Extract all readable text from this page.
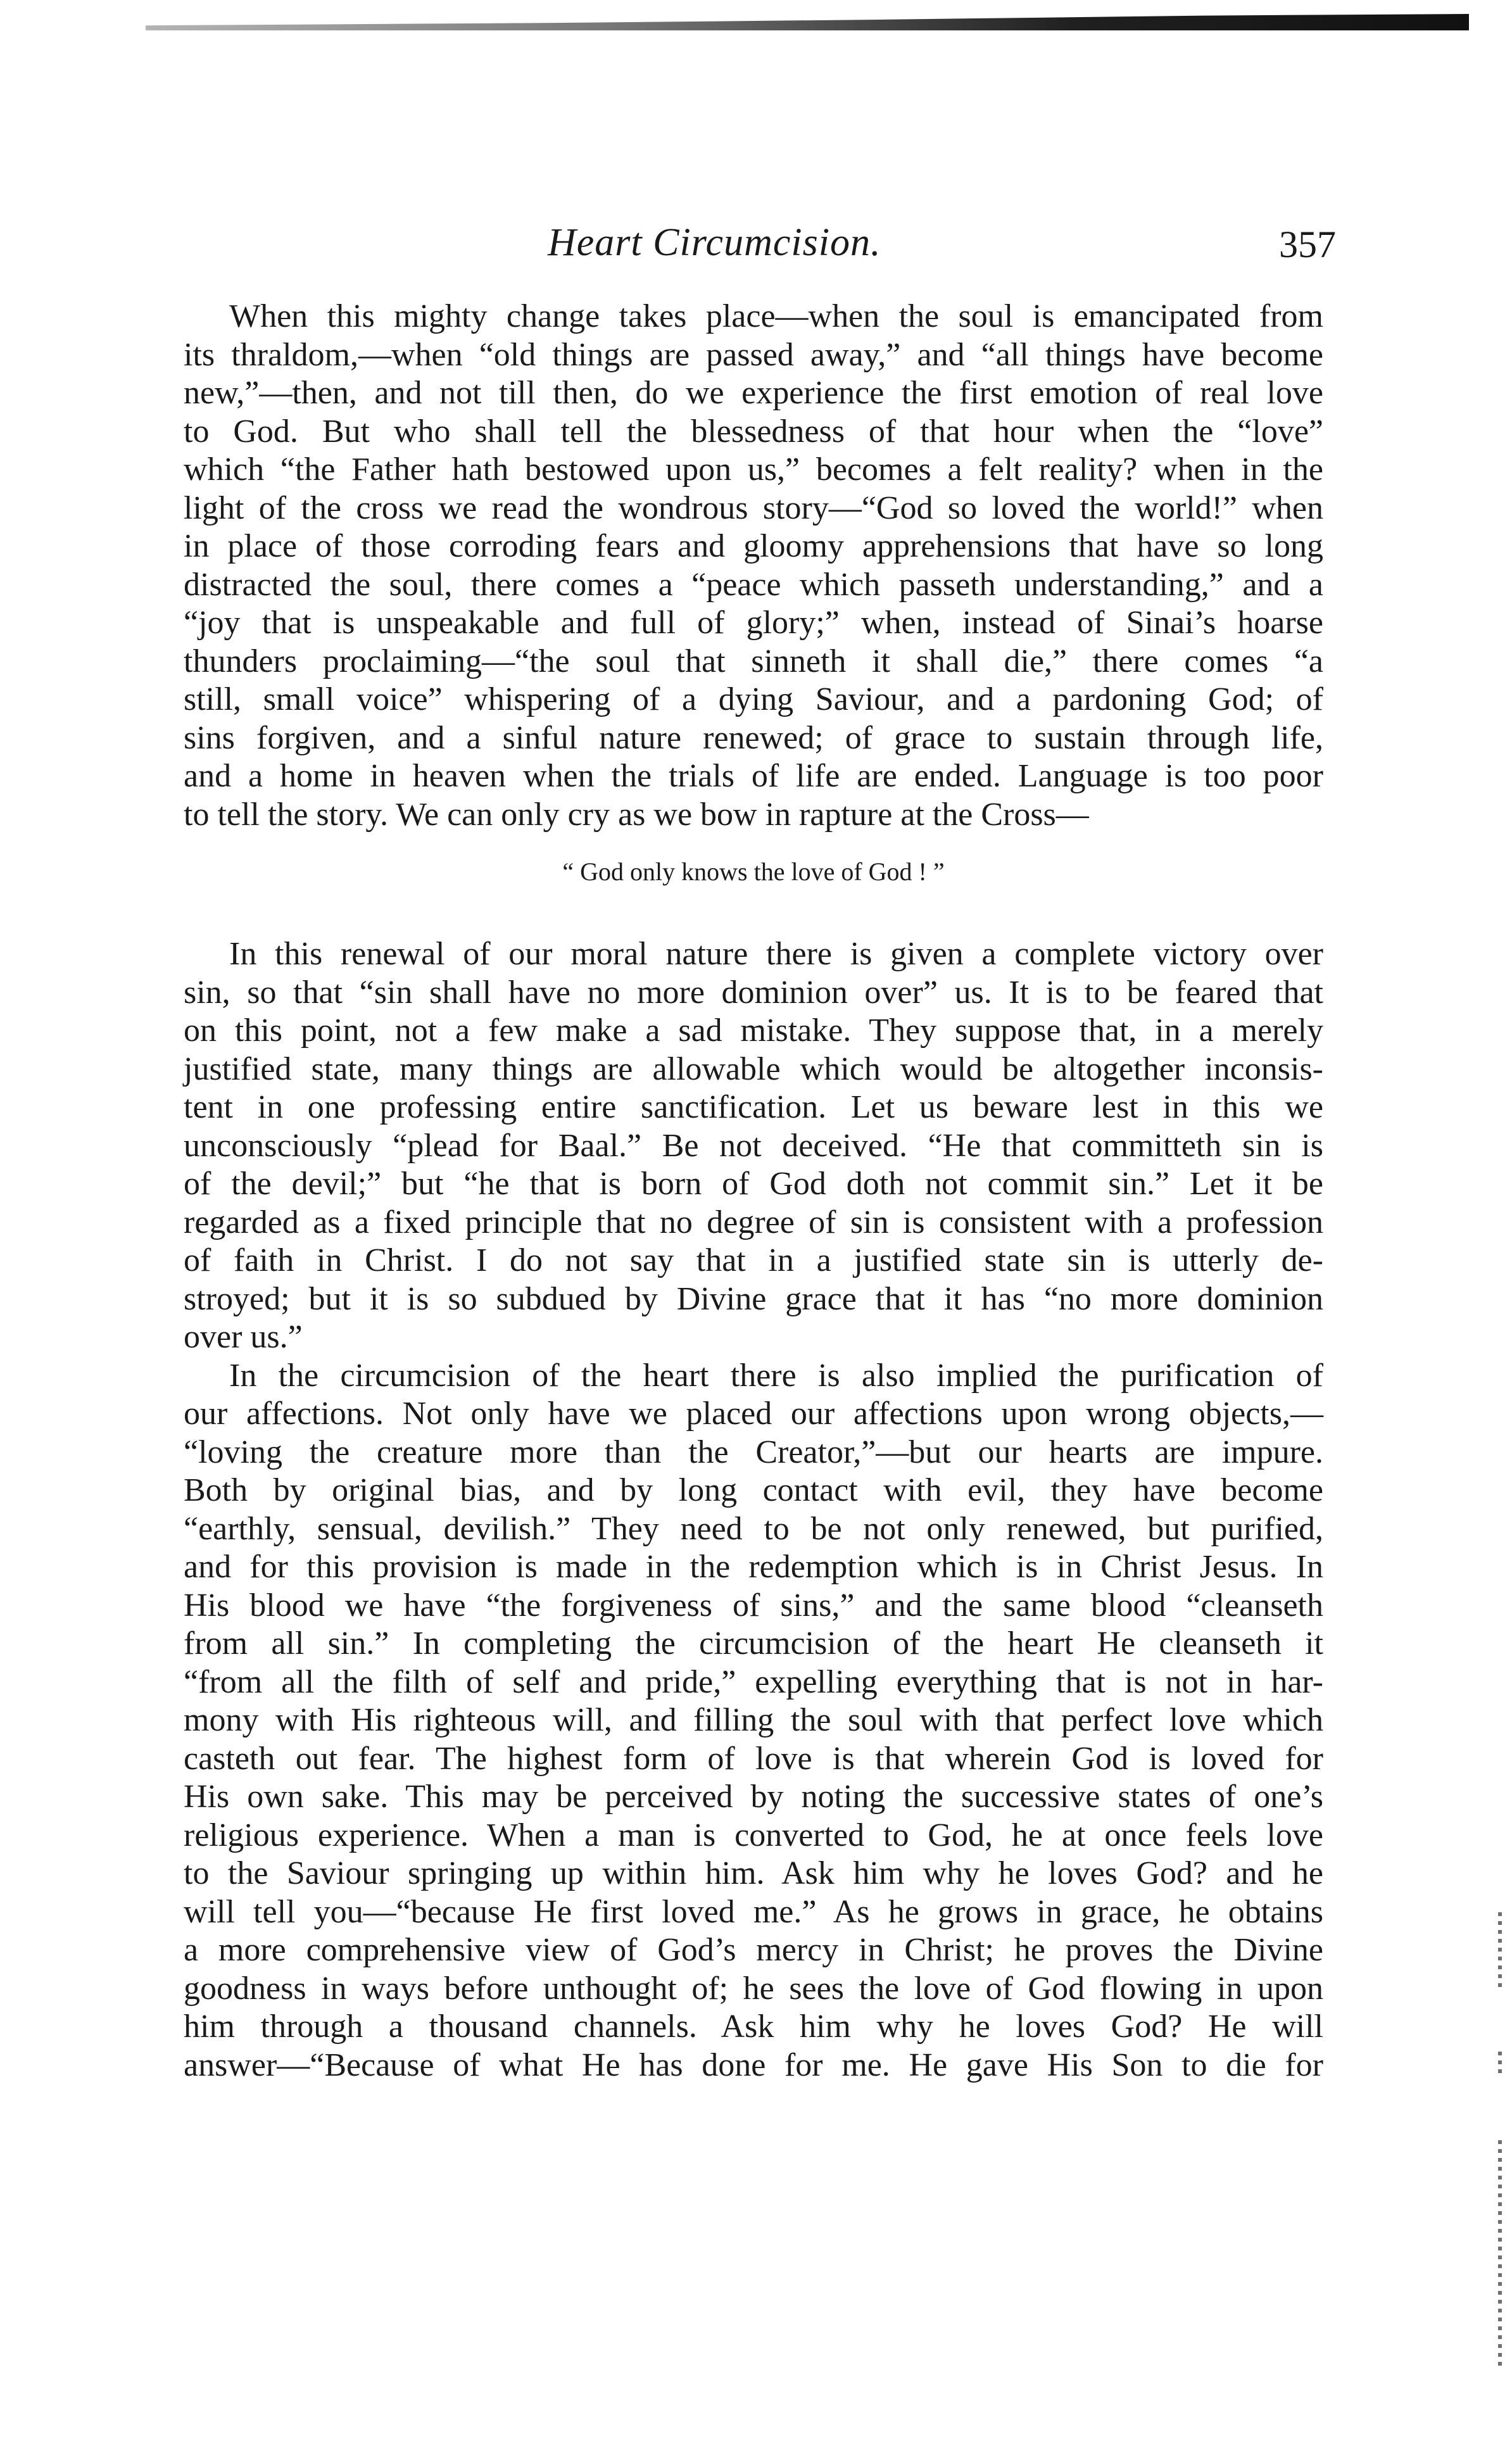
Heart Circumcision.	357
When this mighty change takes place—when the soul is emancipated from
its thraldom,—when “old things are passed away,” and “all things have become
new,”—then, and not till then, do we experience the first emotion of real love
to God. But who shall tell the blessedness of that hour when the “love”
which “the Father hath bestowed upon us,” becomes a felt reality? when in the
light of the cross we read the wondrous story—“God so loved the world!” when
in place of those corroding fears and gloomy apprehensions that have so long
distracted the soul, there comes a “peace which passeth understanding,” and a
“joy that is unspeakable and full of glory;” when, instead of Sinai’s hoarse
thunders proclaiming—“the soul that sinneth it shall die,” there comes “a
still, small voice” whispering of a dying Saviour, and a pardoning God; of
sins forgiven, and a sinful nature renewed; of grace to sustain through life,
and a home in heaven when the trials of life are ended. Language is too poor
to tell the story. We can only cry as we bow in rapture at the Cross—
“ God only knows the love of God ! ”
In this renewal of our moral nature there is given a complete victory over
sin, so that “sin shall have no more dominion over” us. It is to be feared that
on this point, not a few make a sad mistake. They suppose that, in a merely
justified state, many things are allowable which would be altogether inconsis-
tent in one professing entire sanctification. Let us beware lest in this we
unconsciously “plead for Baal.” Be not deceived. “He that committeth sin is
of the devil;” but “he that is born of God doth not commit sin.” Let it be
regarded as a fixed principle that no degree of sin is consistent with a profession
of faith in Christ. I do not say that in a justified state sin is utterly de-
stroyed; but it is so subdued by Divine grace that it has “no more dominion
over us.”
In the circumcision of the heart there is also implied the purification of
our affections. Not only have we placed our affections upon wrong objects,—
“loving the creature more than the Creator,”—but our hearts are impure.
Both by original bias, and by long contact with evil, they have become
“earthly, sensual, devilish.” They need to be not only renewed, but purified,
and for this provision is made in the redemption which is in Christ Jesus. In
His blood we have “the forgiveness of sins,” and the same blood “cleanseth
from all sin.” In completing the circumcision of the heart He cleanseth it
“from all the filth of self and pride,” expelling everything that is not in har-
mony with His righteous will, and filling the soul with that perfect love which
casteth out fear. The highest form of love is that wherein God is loved for
His own sake. This may be perceived by noting the successive states of one’s
religious experience. When a man is converted to God, he at once feels love
to the Saviour springing up within him. Ask him why he loves God? and he
will tell you—“because He first loved me.” As he grows in grace, he obtains
a more comprehensive view of God’s mercy in Christ; he proves the Divine
goodness in ways before unthought of; he sees the love of God flowing in upon
him through a thousand channels. Ask him why he loves God? He will
answer—“Because of what He has done for me. He gave His Son to die for
